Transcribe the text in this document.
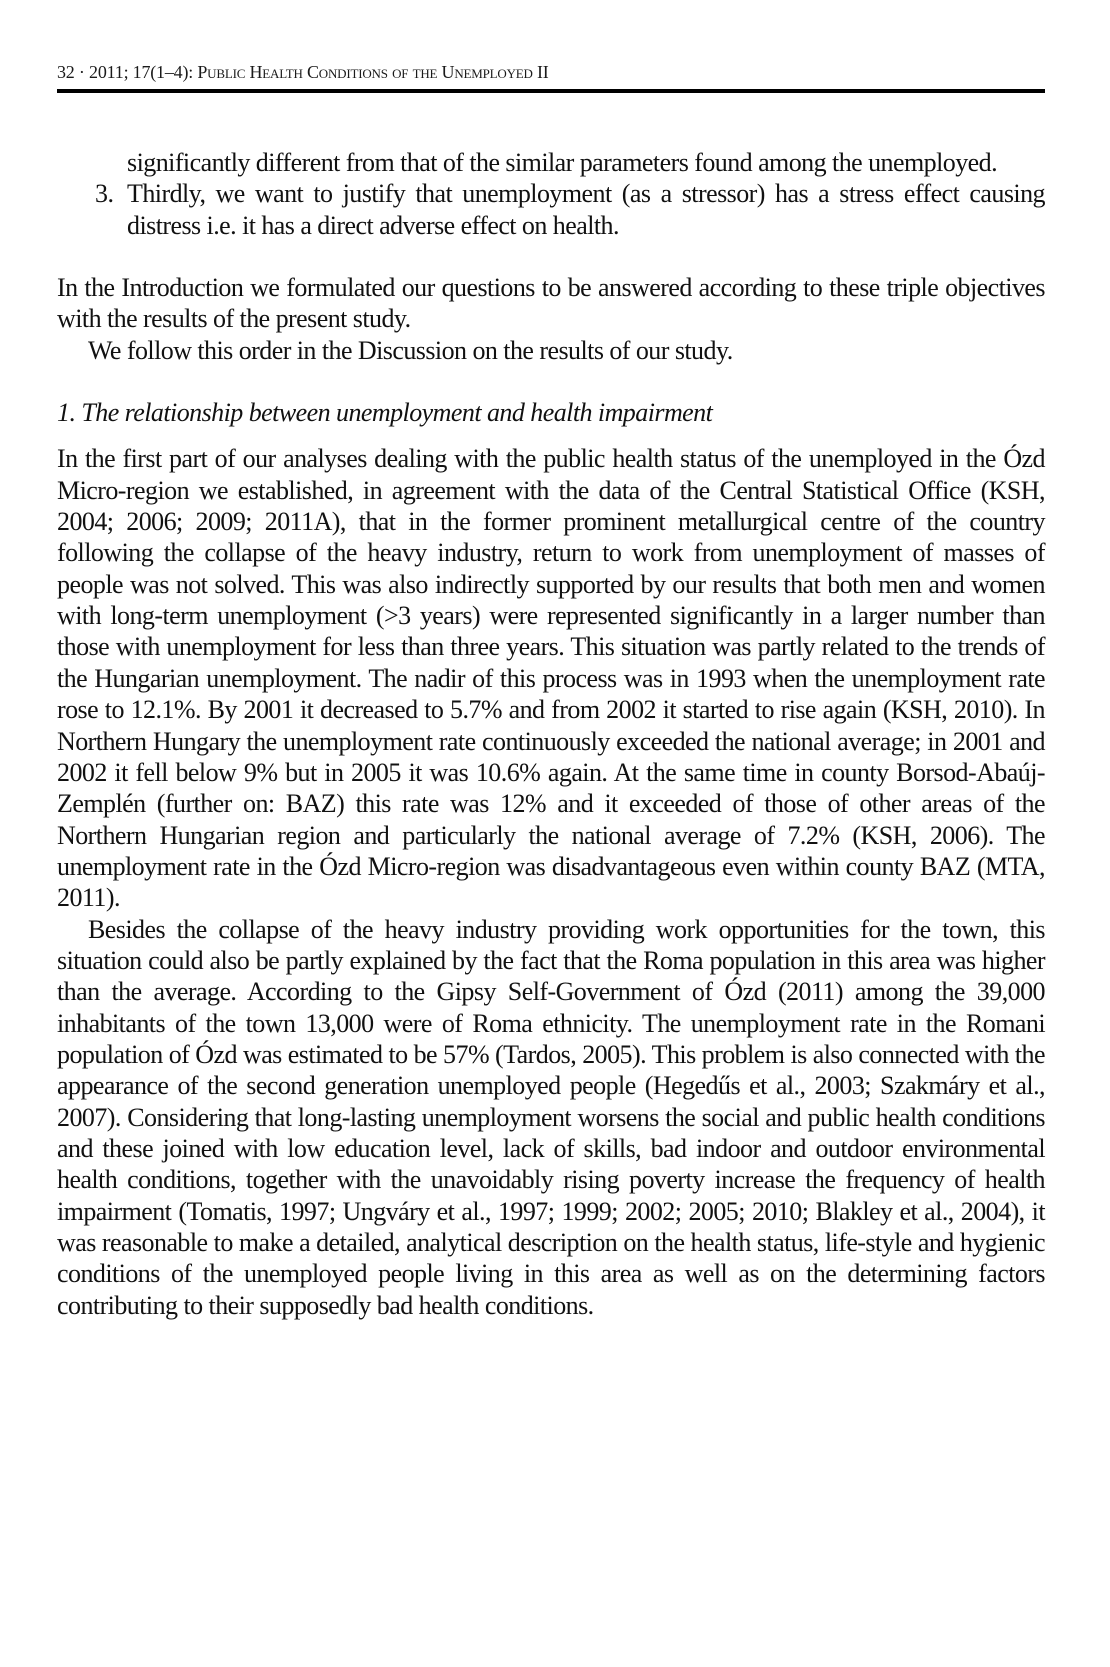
32 · 2011; 17(1–4): Public Health Conditions of the Unemployed II

significantly different from that of the similar parameters found among the unemployed.

3. Thirdly, we want to justify that unemployment (as a stressor) has a stress effect causing distress i.e. it has a direct adverse effect on health.

In the Introduction we formulated our questions to be answered according to these triple objectives with the results of the present study.

We follow this order in the Discussion on the results of our study.

1. The relationship between unemployment and health impairment

In the first part of our analyses dealing with the public health status of the unemployed in the Ózd Micro-region we established, in agreement with the data of the Central Statistical Office (KSH, 2004; 2006; 2009; 2011A), that in the former prominent metallurgical centre of the country following the collapse of the heavy industry, return to work from unemployment of masses of people was not solved. This was also indirectly supported by our results that both men and women with long-term unemployment (>3 years) were represented significantly in a larger number than those with unemployment for less than three years. This situation was partly related to the trends of the Hungarian unemployment. The nadir of this process was in 1993 when the unemployment rate rose to 12.1%. By 2001 it decreased to 5.7% and from 2002 it started to rise again (KSH, 2010). In Northern Hungary the unemployment rate continuously exceeded the national average; in 2001 and 2002 it fell below 9% but in 2005 it was 10.6% again. At the same time in county Borsod-Abaúj-Zemplén (further on: BAZ) this rate was 12% and it exceeded of those of other areas of the Northern Hungarian region and particularly the national average of 7.2% (KSH, 2006). The unemployment rate in the Ózd Micro-region was disadvantageous even within county BAZ (MTA, 2011).

Besides the collapse of the heavy industry providing work opportunities for the town, this situation could also be partly explained by the fact that the Roma population in this area was higher than the average. According to the Gipsy Self-Government of Ózd (2011) among the 39,000 inhabitants of the town 13,000 were of Roma ethnicity. The unemployment rate in the Romani population of Ózd was estimated to be 57% (Tardos, 2005). This problem is also connected with the appearance of the second generation unemployed people (Hegedűs et al., 2003; Szakmáry et al., 2007). Considering that long-lasting unemployment worsens the social and public health conditions and these joined with low education level, lack of skills, bad indoor and outdoor environmental health conditions, together with the unavoidably rising poverty increase the frequency of health impairment (Tomatis, 1997; Ungváry et al., 1997; 1999; 2002; 2005; 2010; Blakley et al., 2004), it was reasonable to make a detailed, analytical description on the health status, life-style and hygienic conditions of the unemployed people living in this area as well as on the determining factors contributing to their supposedly bad health conditions.
